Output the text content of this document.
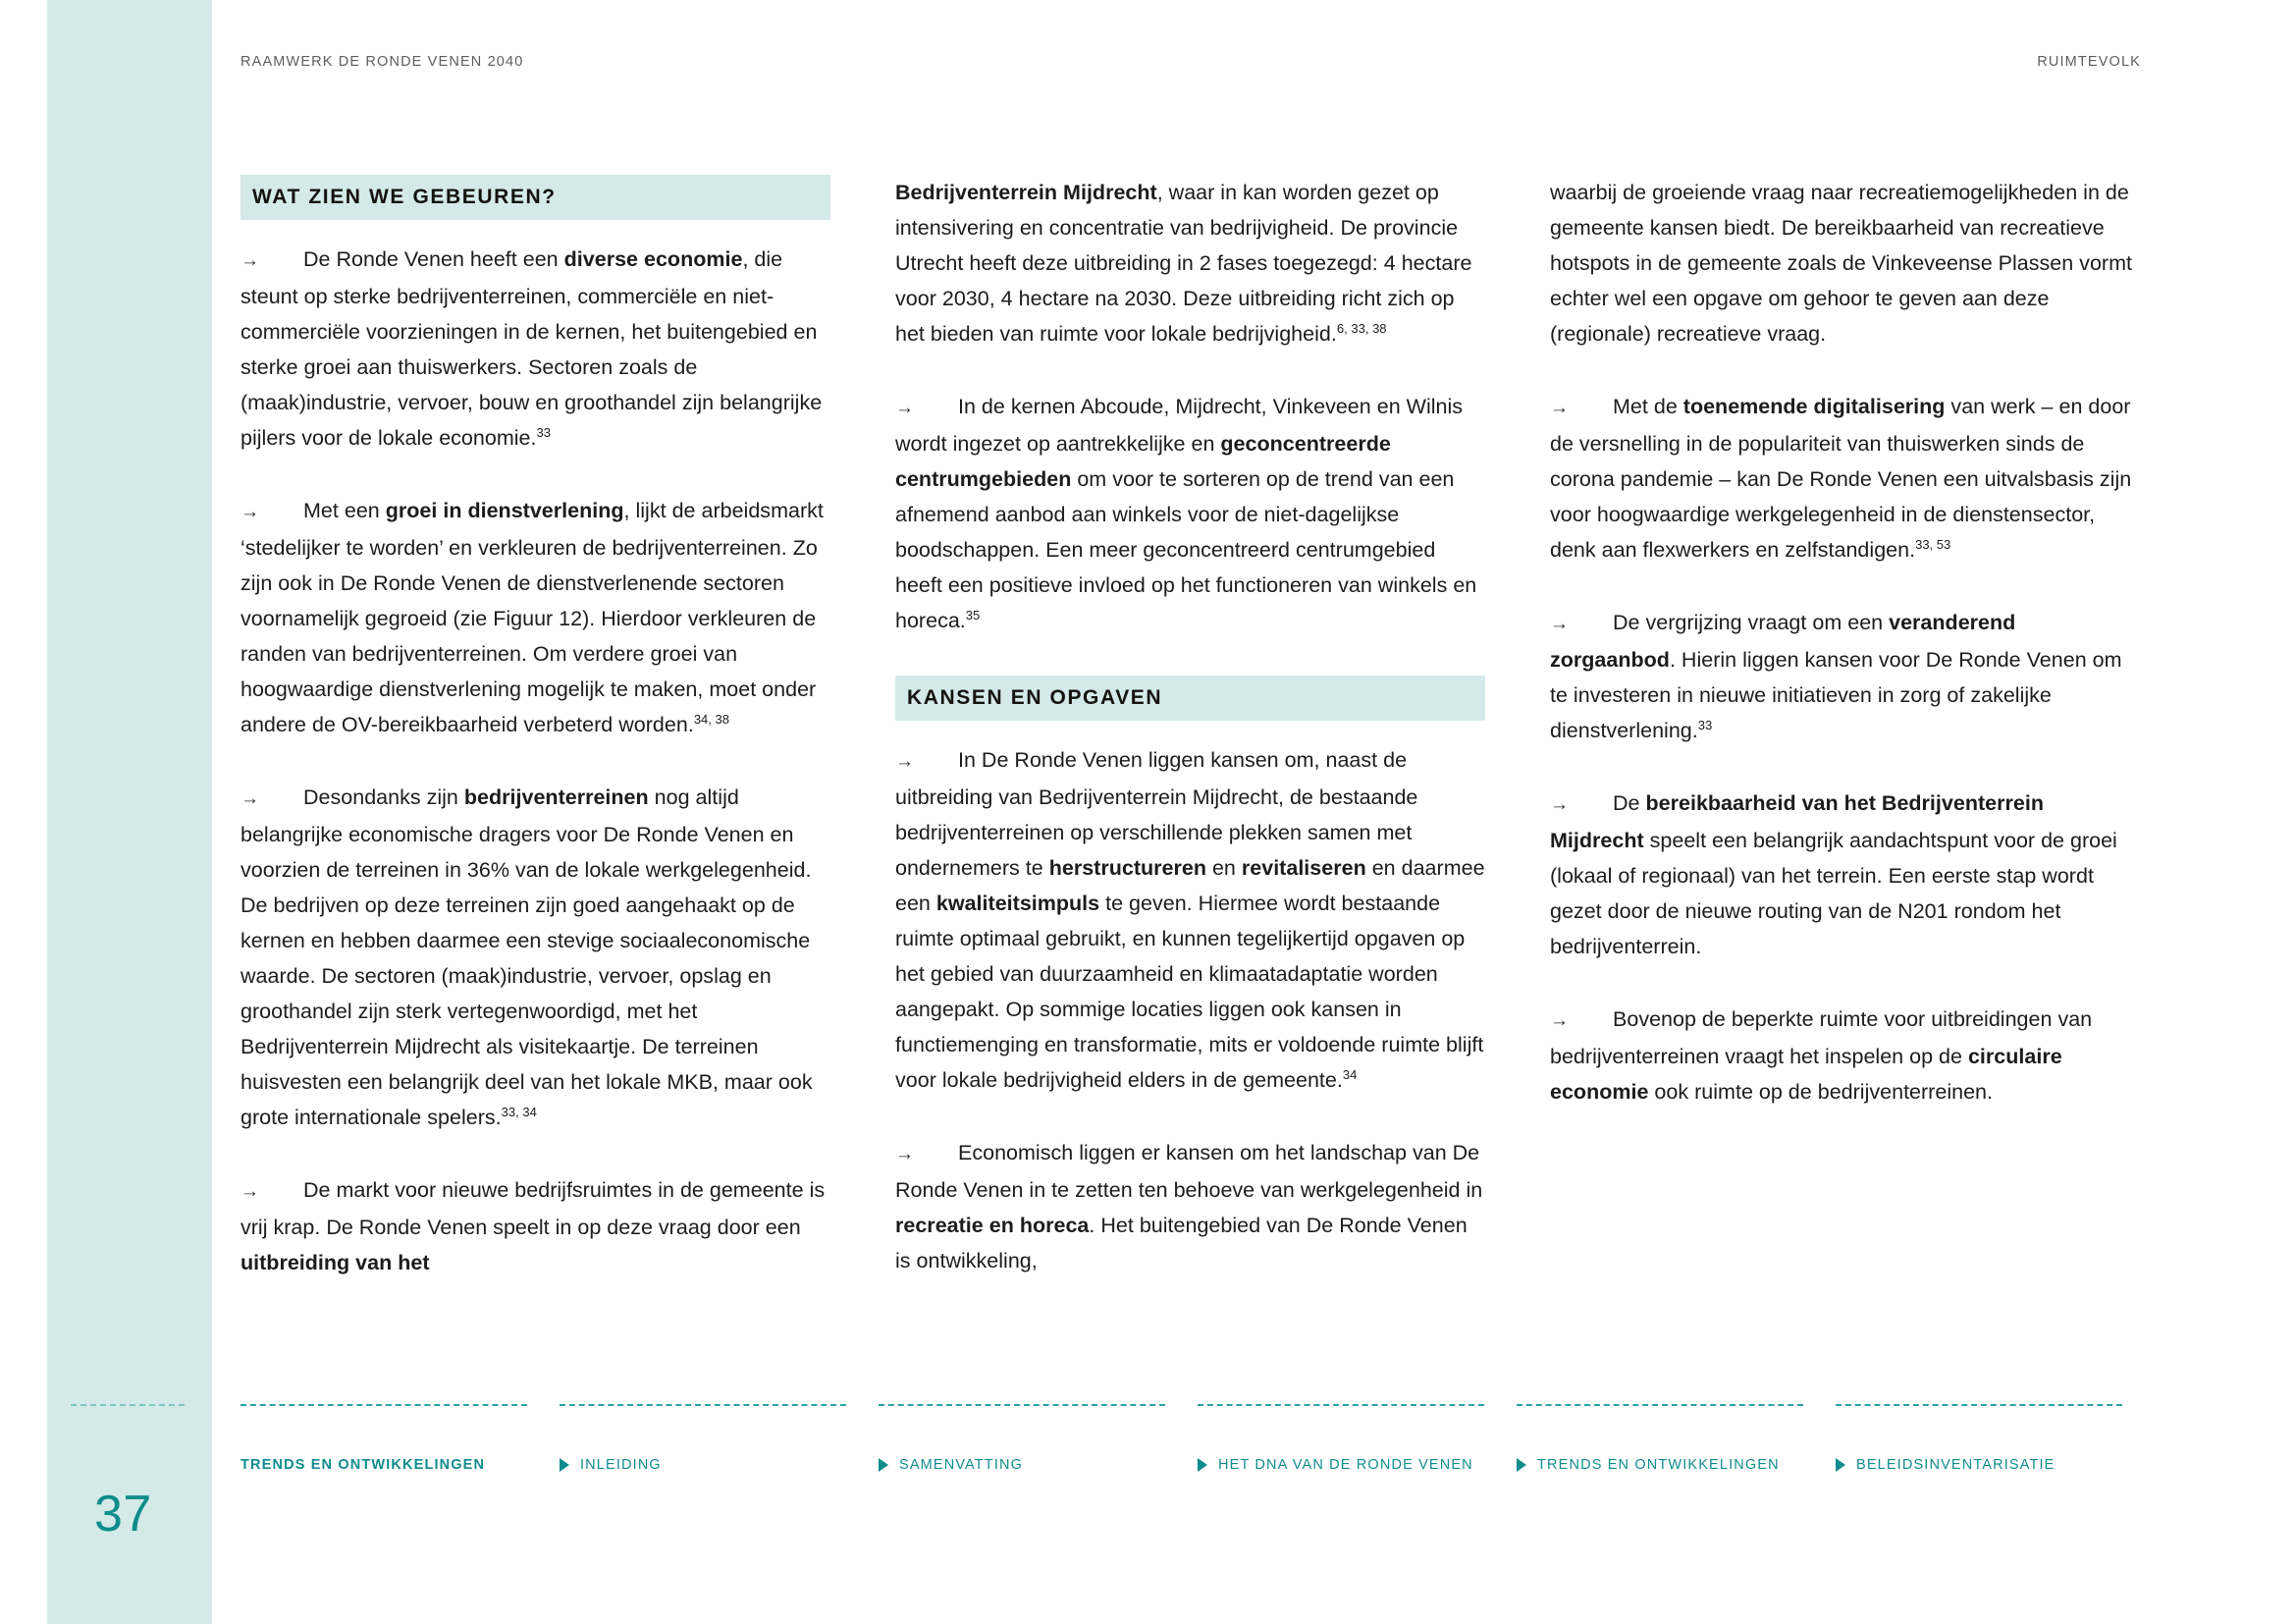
RAAMWERK DE RONDE VENEN 2040	RUIMTEVOLK
WAT ZIEN WE GEBEUREN?

→ De Ronde Venen heeft een diverse economie, die steunt op sterke bedrijventerreinen, commerciële en niet-commerciële voorzieningen in de kernen, het buitengebied en sterke groei aan thuiswerkers. Sectoren zoals de (maak)industrie, vervoer, bouw en groothandel zijn belangrijke pijlers voor de lokale economie.$^{33}$

→ Met een groei in dienstverlening, lijkt de arbeidsmarkt ‘stedelijker te worden’ en verkleuren de bedrijventerreinen. Zo zijn ook in De Ronde Venen de dienstverlenende sectoren voornamelijk gegroeid (zie Figuur 12). Hierdoor verkleuren de randen van bedrijventerreinen. Om verdere groei van hoogwaardige dienstverlening mogelijk te maken, moet onder andere de OV-bereikbaarheid verbeterd worden.$^{34, 38}$

→ Desondanks zijn bedrijventerreinen nog altijd belangrijke economische dragers voor De Ronde Venen en voorzien de terreinen in 36% van de lokale werkgelegenheid. De bedrijven op deze terreinen zijn goed aangehaakt op de kernen en hebben daarmee een stevige sociaaleconomische waarde. De sectoren (maak)industrie, vervoer, opslag en groothandel zijn sterk vertegenwoordigd, met het Bedrijventerrein Mijdrecht als visitekaartje. De terreinen huisvesten een belangrijk deel van het lokale MKB, maar ook grote internationale spelers.$^{33, 34}$

→ De markt voor nieuwe bedrijfsruimtes in de gemeente is vrij krap. De Ronde Venen speelt in op deze vraag door een uitbreiding van het

Bedrijventerrein Mijdrecht, waar in kan worden gezet op intensivering en concentratie van bedrijvigheid. De provincie Utrecht heeft deze uitbreiding in 2 fases toegezegd: 4 hectare voor 2030, 4 hectare na 2030. Deze uitbreiding richt zich op het bieden van ruimte voor lokale bedrijvigheid.$^{6, 33, 38}$

→ In de kernen Abcoude, Mijdrecht, Vinkeveen en Wilnis wordt ingezet op aantrekkelijke en geconcentreerde centrumgebieden om voor te sorteren op de trend van een afnemend aanbod aan winkels voor de niet-dagelijkse boodschappen. Een meer geconcentreerd centrumgebied heeft een positieve invloed op het functioneren van winkels en horeca.$^{35}$

KANSEN EN OPGAVEN

→ In De Ronde Venen liggen kansen om, naast de uitbreiding van Bedrijventerrein Mijdrecht, de bestaande bedrijventerreinen op verschillende plekken samen met ondernemers te herstructureren en revitaliseren en daarmee een kwaliteitsimpuls te geven. Hiermee wordt bestaande ruimte optimaal gebruikt, en kunnen tegelijkertijd opgaven op het gebied van duurzaamheid en klimaatadaptatie worden aangepakt. Op sommige locaties liggen ook kansen in functiemenging en transformatie, mits er voldoende ruimte blijft voor lokale bedrijvigheid elders in de gemeente.$^{34}$

→ Economisch liggen er kansen om het landschap van De Ronde Venen in te zetten ten behoeve van werkgelegenheid in recreatie en horeca. Het buitengebied van De Ronde Venen is ontwikkeling,

waarbij de groeiende vraag naar recreatiemogelijkheden in de gemeente kansen biedt. De bereikbaarheid van recreatieve hotspots in de gemeente zoals de Vinkeveense Plassen vormt echter wel een opgave om gehoor te geven aan deze (regionale) recreatieve vraag.

→ Met de toenemende digitalisering van werk – en door de versnelling in de populariteit van thuiswerken sinds de corona pandemie – kan De Ronde Venen een uitvalsbasis zijn voor hoogwaardige werkgelegenheid in de dienstensector, denk aan flexwerkers en zelfstandigen.$^{33, 53}$

→ De vergrijzing vraagt om een veranderend zorgaanbod. Hierin liggen kansen voor De Ronde Venen om te investeren in nieuwe initiatieven in zorg of zakelijke dienstverlening.$^{33}$

→ De bereikbaarheid van het Bedrijventerrein Mijdrecht speelt een belangrijk aandachtspunt voor de groei (lokaal of regionaal) van het terrein. Een eerste stap wordt gezet door de nieuwe routing van de N201 rondom het bedrijventerrein.

→ Bovenop de beperkte ruimte voor uitbreidingen van bedrijventerreinen vraagt het inspelen op de circulaire economie ook ruimte op de bedrijventerreinen.

37
TRENDS EN ONTWIKKELINGEN	INLEIDING	SAMENVATTING	HET DNA VAN DE RONDE VENEN	TRENDS EN ONTWIKKELINGEN	BELEIDSINVENTARISATIE
